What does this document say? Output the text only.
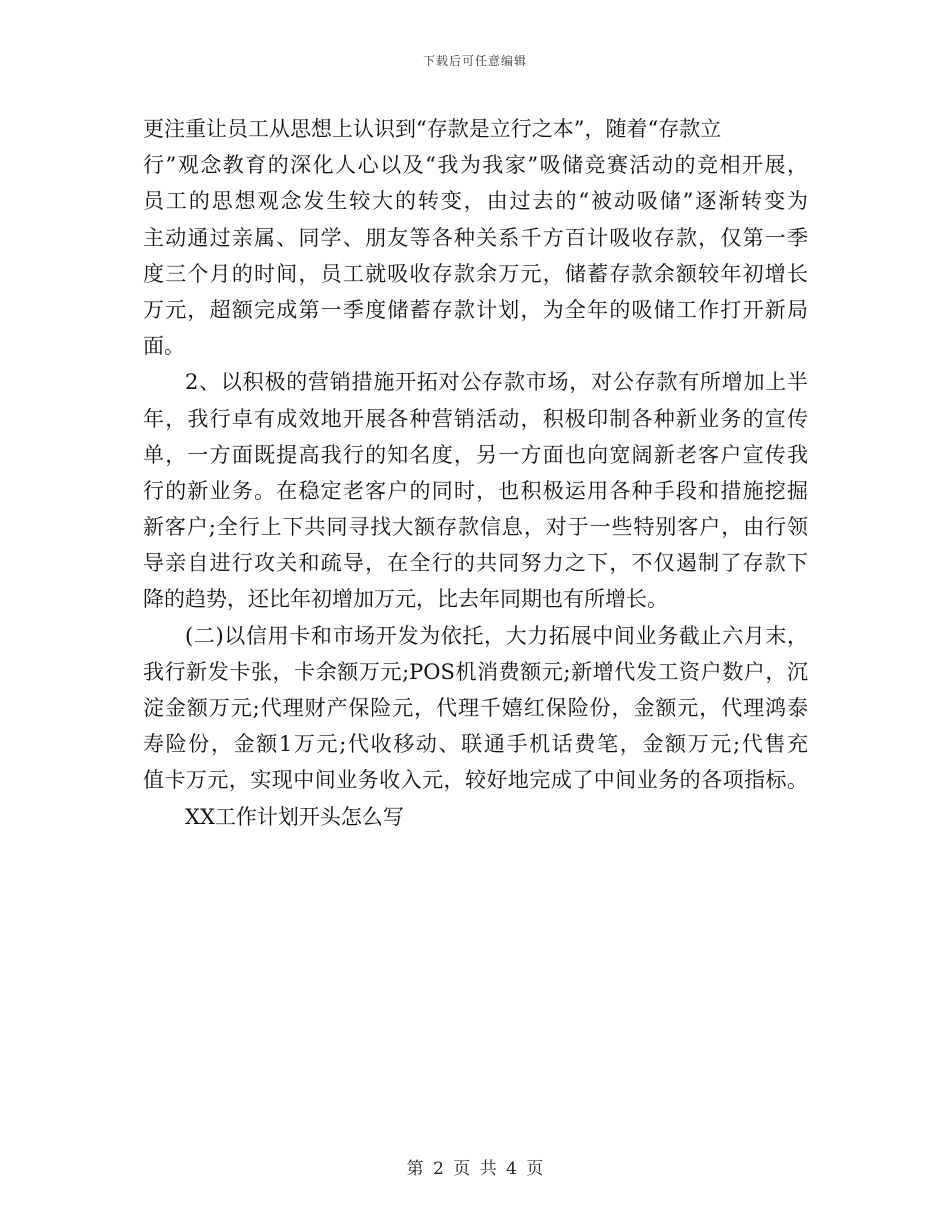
下载后可任意编辑
更注重让员工从思想上认识到“存款是立行之本”，随着“存款立
行”观念教育的深化人心以及“我为我家”吸储竞赛活动的竞相开展，
员工的思想观念发生较大的转变，由过去的“被动吸储”逐渐转变为
主动通过亲属、同学、朋友等各种关系千方百计吸收存款，仅第一季
度三个月的时间，员工就吸收存款余万元，储蓄存款余额较年初增长
万元，超额完成第一季度储蓄存款计划，为全年的吸储工作打开新局
面。
2、以积极的营销措施开拓对公存款市场，对公存款有所增加上半
年，我行卓有成效地开展各种营销活动，积极印制各种新业务的宣传
单，一方面既提高我行的知名度，另一方面也向宽阔新老客户宣传我
行的新业务。在稳定老客户的同时，也积极运用各种手段和措施挖掘
新客户;全行上下共同寻找大额存款信息，对于一些特别客户，由行领
导亲自进行攻关和疏导，在全行的共同努力之下，不仅遏制了存款下
降的趋势，还比年初增加万元，比去年同期也有所增长。
(二)以信用卡和市场开发为依托，大力拓展中间业务截止六月末，
我行新发卡张，卡余额万元;POS机消费额元;新增代发工资户数户，沉
淀金额万元;代理财产保险元，代理千嬉红保险份，金额元，代理鸿泰
寿险份，金额1万元;代收移动、联通手机话费笔，金额万元;代售充
值卡万元，实现中间业务收入元，较好地完成了中间业务的各项指标。
XX工作计划开头怎么写
第 2 页 共 4 页
